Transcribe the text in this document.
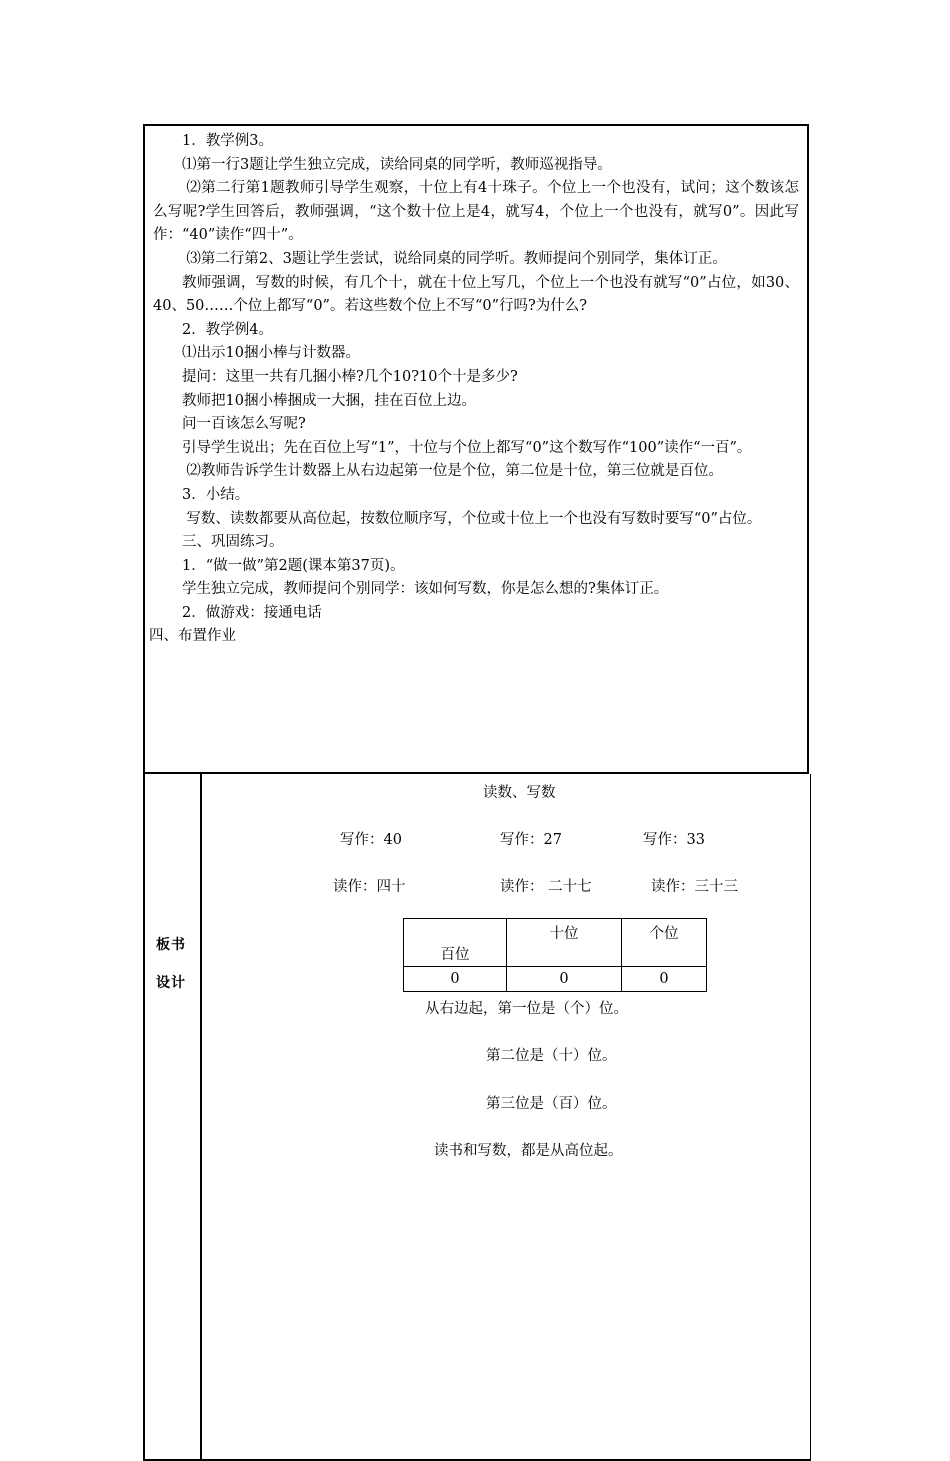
1．教学例3。

⑴第一行3题让学生独立完成，读给同桌的同学听，教师巡视指导。

⑵第二行第1题教师引导学生观察，十位上有4十珠子。个位上一个也没有，试问；这个数该怎么写呢?学生回答后，教师强调，“这个数十位上是4，就写4，个位上一个也没有，就写0”。因此写作：“40”读作“四十”。

⑶第二行第2、3题让学生尝试，说给同桌的同学听。教师提问个别同学，集体订正。

教师强调，写数的时候，有几个十，就在十位上写几，个位上一个也没有就写“0”占位，如30、40、50……个位上都写“0”。若这些数个位上不写“0”行吗?为什么?

2．教学例4。

⑴出示10捆小棒与计数器。

提问：这里一共有几捆小棒?几个10?10个十是多少?

教师把10捆小棒捆成一大捆，挂在百位上边。

问一百该怎么写呢?

引导学生说出；先在百位上写“1”，十位与个位上都写“0”这个数写作“100”读作“一百”。

⑵教师告诉学生计数器上从右边起第一位是个位，第二位是十位，第三位就是百位。

3．小结。

写数、读数都要从高位起，按数位顺序写，个位或十位上一个也没有写数时要写“0”占位。

三、巩固练习。

1．“做一做”第2题(课本第37页)。

学生独立完成，教师提问个别同学：该如何写数，你是怎么想的?集体订正。

2．做游戏：接通电话

四、布置作业

板书
设计
读数、写数
写作：40	写作：27	写作：33
读作：四十	读作： 二十七	读作：三十三
百位	十位	个位

0	0	0
从右边起，第一位是（个）位。
第二位是（十）位。
第三位是（百）位。
读书和写数，都是从高位起。
